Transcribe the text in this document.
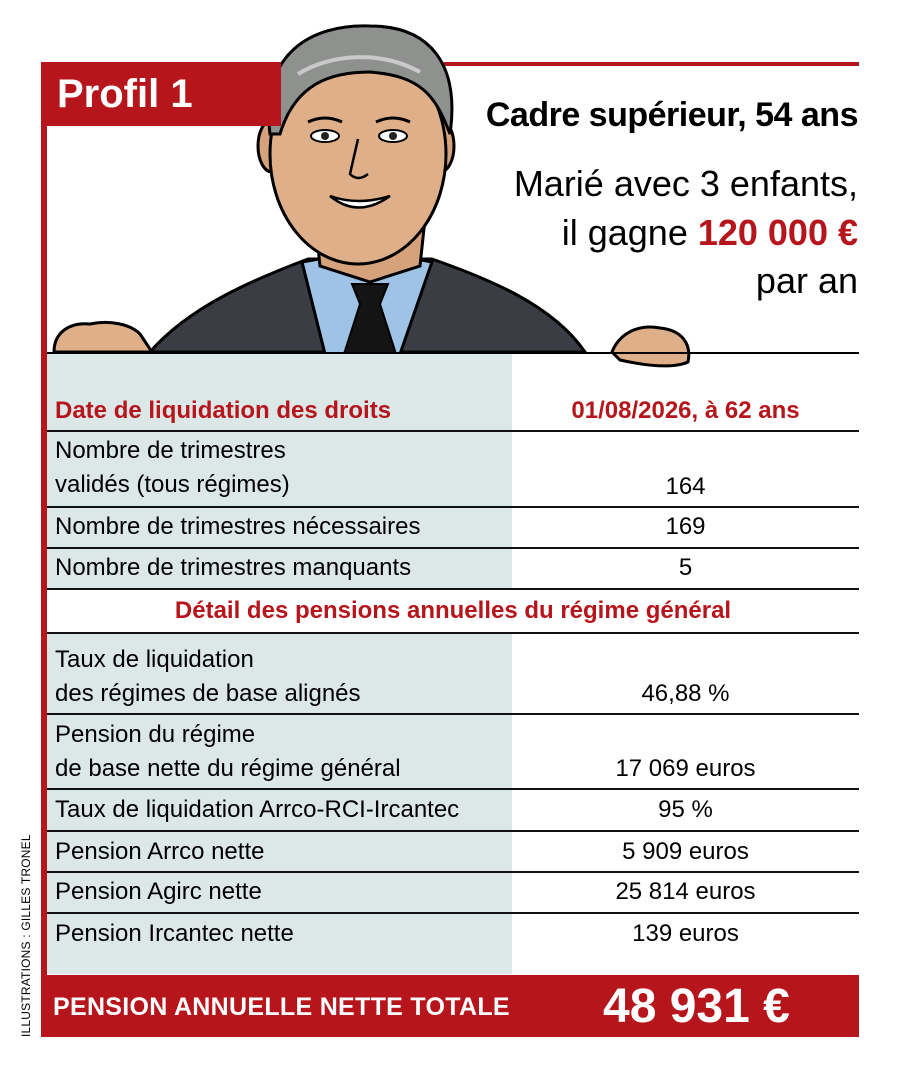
Profil 1	Cadre supérieur, 54 ans
Marié avec 3 enfants,
il gagne 120 000 €
par an
Date de liquidation des droits	01/08/2026, à 62 ans
Nombre de trimestres
validés (tous régimes)	164
Nombre de trimestres nécessaires	169
Nombre de trimestres manquants	5
Détail des pensions annuelles du régime général
Taux de liquidation
des régimes de base alignés	46,88 %
Pension du régime
de base nette du régime général	17 069 euros
Taux de liquidation Arrco-RCI-Ircantec	95 %
Pension Arrco nette	5 909 euros
Pension Agirc nette	25 814 euros
Pension Ircantec nette	139 euros
PENSION ANNUELLE NETTE TOTALE 48 931 €
ILLUSTRATIONS : GILLES TRONEL
